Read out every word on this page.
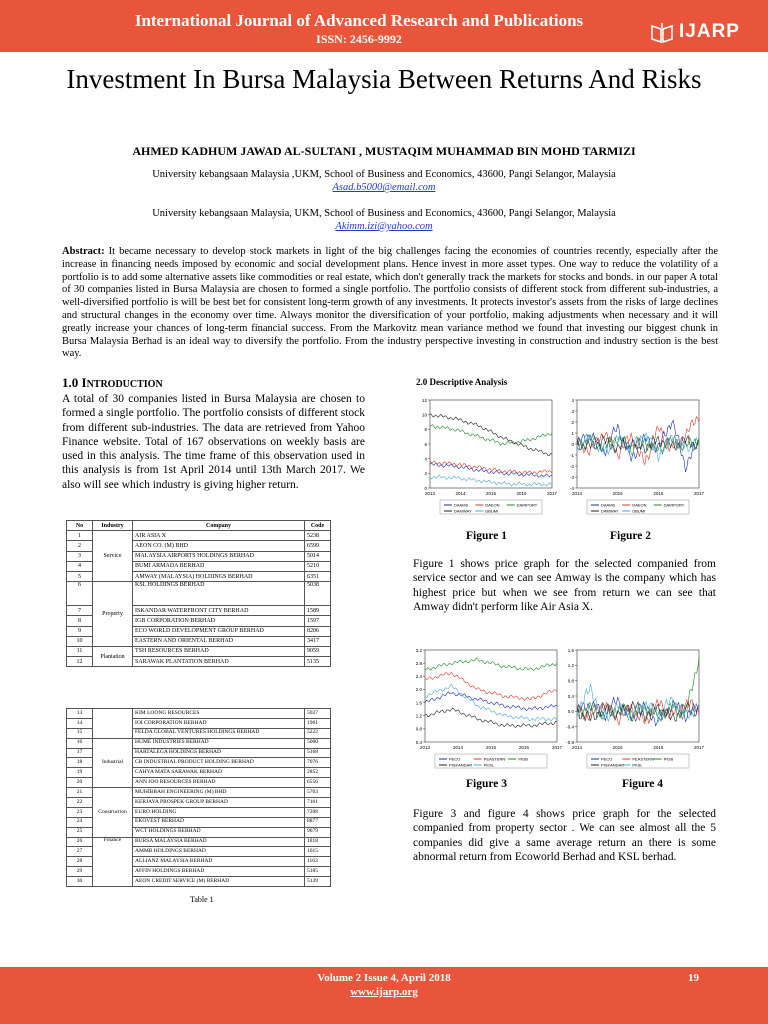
International Journal of Advanced Research and Publications
ISSN: 2456-9992	IJARP
Investment In Bursa Malaysia Between Returns And Risks
AHMED KADHUM JAWAD AL-SULTANI , MUSTAQIM MUHAMMAD BIN MOHD TARMIZI
University kebangsaan Malaysia ,UKM, School of Business and Economics, 43600, Pangi Selangor, Malaysia
Asad.b5000@email.com
University kebangsaan Malaysia, UKM, School of Business and Economics, 43600, Pangi Selangor, Malaysia
Akimm.izi@yahoo.com
Abstract: It became necessary to develop stock markets in light of the big challenges facing the economies of countries recently, especially after the increase in financing needs imposed by economic and social development plans. Hence invest in more asset types. One way to reduce the volatility of a portfolio is to add some alternative assets like commodities or real estate, which don't generally track the markets for stocks and bonds. in our paper A total of 30 companies listed in Bursa Malaysia are chosen to formed a single portfolio. The portfolio consists of different stock from different sub-industries, a well-diversified portfolio is will be best bet for consistent long-term growth of any investments. It protects investor's assets from the risks of large declines and structural changes in the economy over time. Always monitor the diversification of your portfolio, making adjustments when necessary and it will greatly increase your chances of long-term financial success. From the Markovitz mean variance method we found that investing our biggest chunk in Bursa Malaysia Berhad is an ideal way to diversify the portfolio. From the industry perspective investing in construction and industry section is the best way.
1.0 INTRODUCTION
A total of 30 companies listed in Bursa Malaysia are chosen to formed a single portfolio. The portfolio consists of different stock from different sub-industries. The data are retrieved from Yahoo Finance website. Total of 167 observations on weekly basis are used in this analysis. The time frame of this observation used in this analysis is from 1st April 2014 until 13th March 2017. We also will see which industry is giving higher return.
No	Industry	Company	Code
1	Service	AIR ASIA X	5238
2		AEON CO. (M) BHD	6599
3		MALAYSIA AIRPORTS HOLDINGS BERHAD	5014
4		BUMI ARMADA BERHAD	5210
5		AMWAY (MALAYSIA) HOLDINGS BERHAD	6351
6	Property	KSL HOLDINGS BERHAD	5038
7		ISKANDAR WATERFRONT CITY BERHAD	1589
8		IGB CORPORATION BERHAD	1597
9		ECO WORLD DEVELOPMENT GROUP BERHAD	8206
10		EASTERN AND ORIENTAL BERHAD	3417
11	Plantation	TSH RESOURCES BERHAD	9059
12		SARAWAK PLANTATION BERHAD	5135
13		KIM LOONG RESOURCES	5027
14		IOI CORPORATION BERHAD	1961
15		FELDA GLOBAL VENTURES HOLDINGS BERHAD	5222
16	Industrial	HUME INDUSTRIES BERHAD	5000
17		HARTALEGA HOLDINGS BERHAD	5168
18		CB INDUSTRIAL PRODUCT HOLDING BERHAD	7076
19		CAHYA MATA SARAWAK BERHAD	2852
20		ANN JOO RESOURCES BERHAD	6556
21	Construction	MUHIBBAH ENGINEERING (M) BHD	5703
22		KERJAYA PROSPEK GROUP BERHAD	7161
23		EURO HOLDING	7208
24		EKOVEST BERHAD	8877
25		WCT HOLDINGS BERHAD	9679
26	Finance	BURSA MALAYSIA BERHAD	1818
27		AMMB HOLDINGS BERHAD	1015
28		ALLIANZ MALAYSIA BERHAD	1163
29		AFFIN HOLDINGS BERHAD	5185
30		AEON CREDIT SERVICE (M) BERHAD	5139
Table 1
2.0 Descriptive Analysis
0
2
4
6
8
10
12
2013	2014	2015	2016	2017
DAAMS	DAEON	DAIRPORT
DAMWAY	DBUMI
-4
-3
-2
-1
0
1
2
3
4
2014	2015	2016	2017
DAAMS	DAEON	DAIRPORT
DAMWAY	DBUMI
Figure 1	Figure 2
Figure 1 shows price graph for the selected companied from service sector and we can see Amway is the company which has highest price but when we see from return we can see that Amway didn't perform like Air Asia X.
0.4
0.8
1.2
1.6
2.0
2.4
2.8
3.2
2013	2014	2015	2016	2017
PECO	PEASTERN	PIGB
PISKANDAR	PKSL
-0.8
-0.4
0.0
0.4
0.8
1.2
1.6
2014	2015	2016	2017
PECO	PEASTERN PIGB
PISKANDAR PKSL
Figure 3	Figure 4
Figure 3 and figure 4 shows price graph for the selected companied from property sector . We can see almost all the 5 companies did give a same average return an there is some abnormal return from Ecoworld Berhad and KSL berhad.
Volume 2 Issue 4, April 2018
www.ijarp.org
19
